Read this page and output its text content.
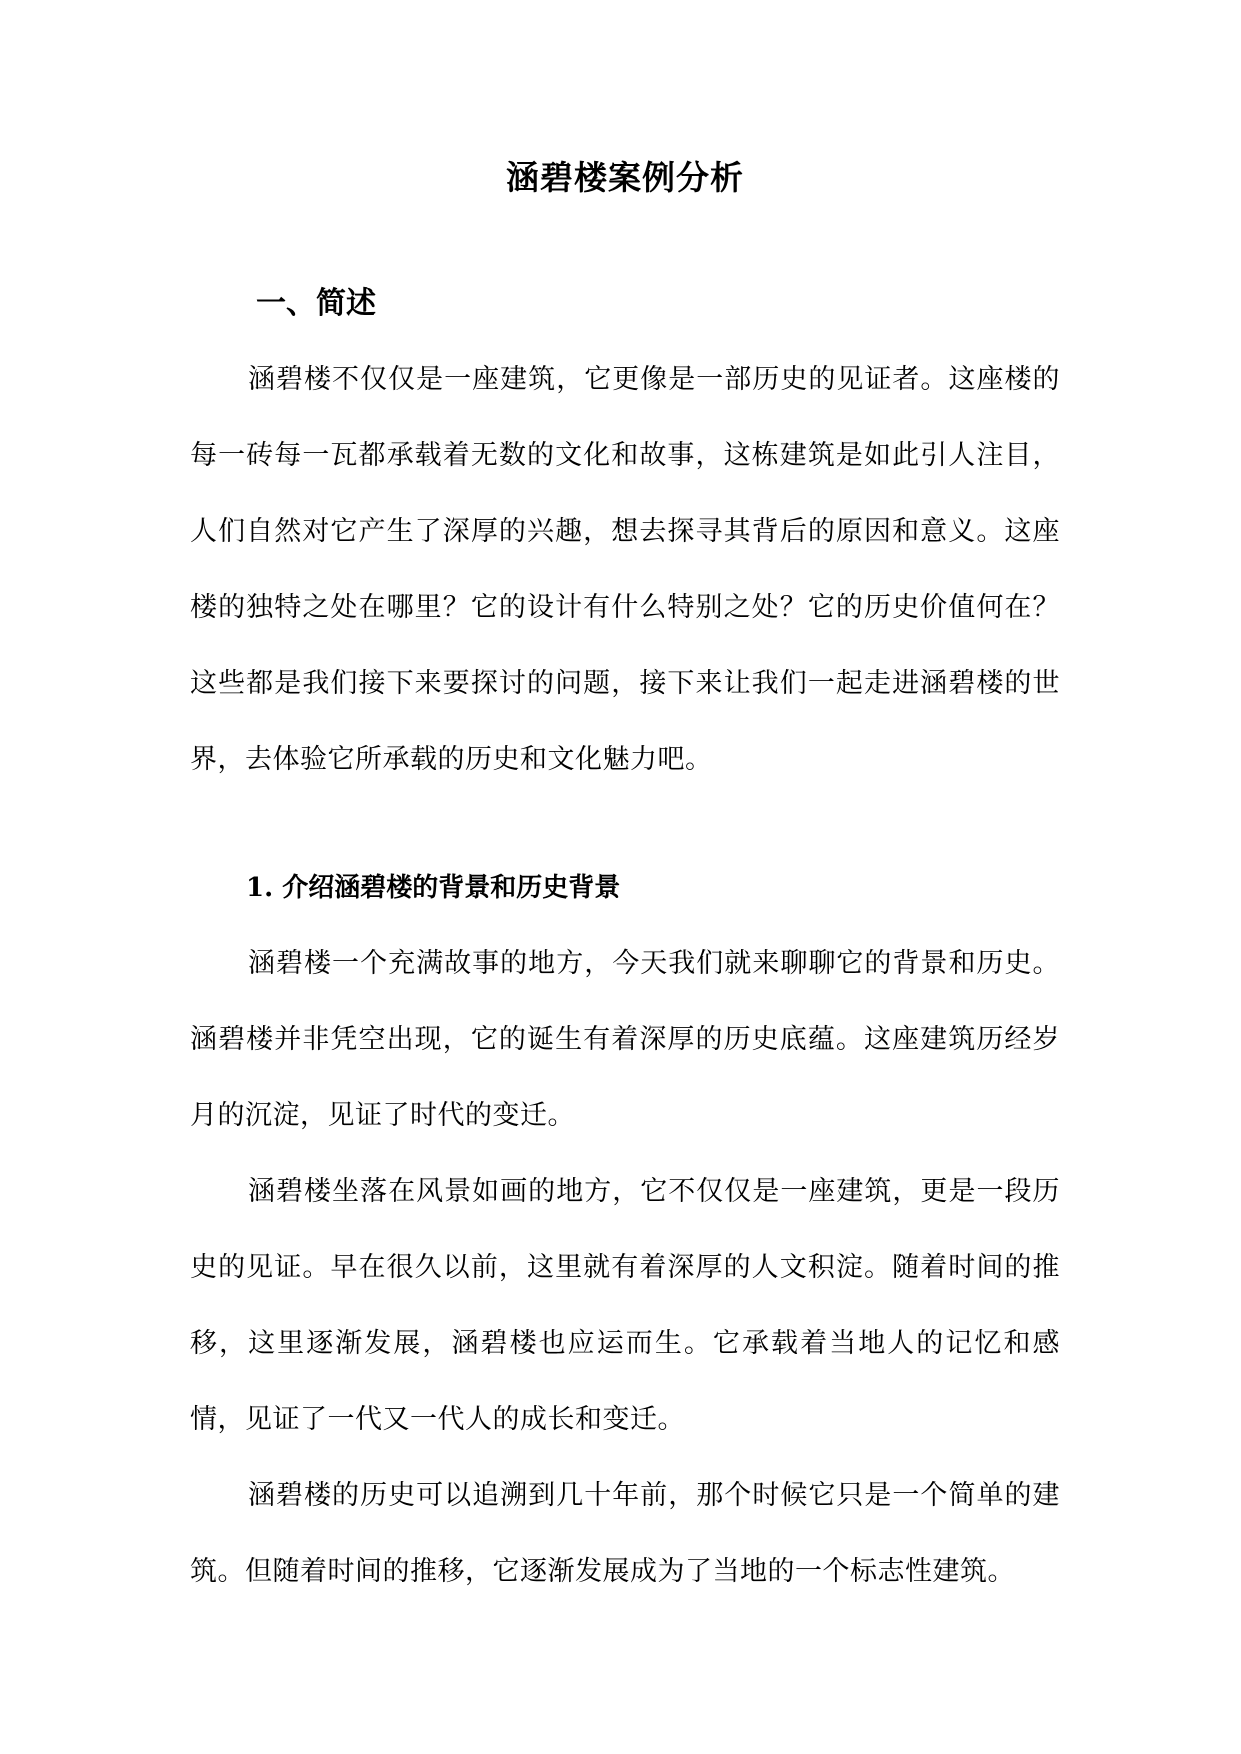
涵碧楼案例分析
一、简述

涵碧楼不仅仅是一座建筑，它更像是一部历史的见证者。这座楼的每一砖每一瓦都承载着无数的文化和故事，这栋建筑是如此引人注目，人们自然对它产生了深厚的兴趣，想去探寻其背后的原因和意义。这座楼的独特之处在哪里？它的设计有什么特别之处？它的历史价值何在？这些都是我们接下来要探讨的问题，接下来让我们一起走进涵碧楼的世界，去体验它所承载的历史和文化魅力吧。

1. 介绍涵碧楼的背景和历史背景

涵碧楼一个充满故事的地方，今天我们就来聊聊它的背景和历史。涵碧楼并非凭空出现，它的诞生有着深厚的历史底蕴。这座建筑历经岁月的沉淀，见证了时代的变迁。

涵碧楼坐落在风景如画的地方，它不仅仅是一座建筑，更是一段历史的见证。早在很久以前，这里就有着深厚的人文积淀。随着时间的推移，这里逐渐发展，涵碧楼也应运而生。它承载着当地人的记忆和感情，见证了一代又一代人的成长和变迁。

涵碧楼的历史可以追溯到几十年前，那个时候它只是一个简单的建筑。但随着时间的推移，它逐渐发展成为了当地的一个标志性建筑。
